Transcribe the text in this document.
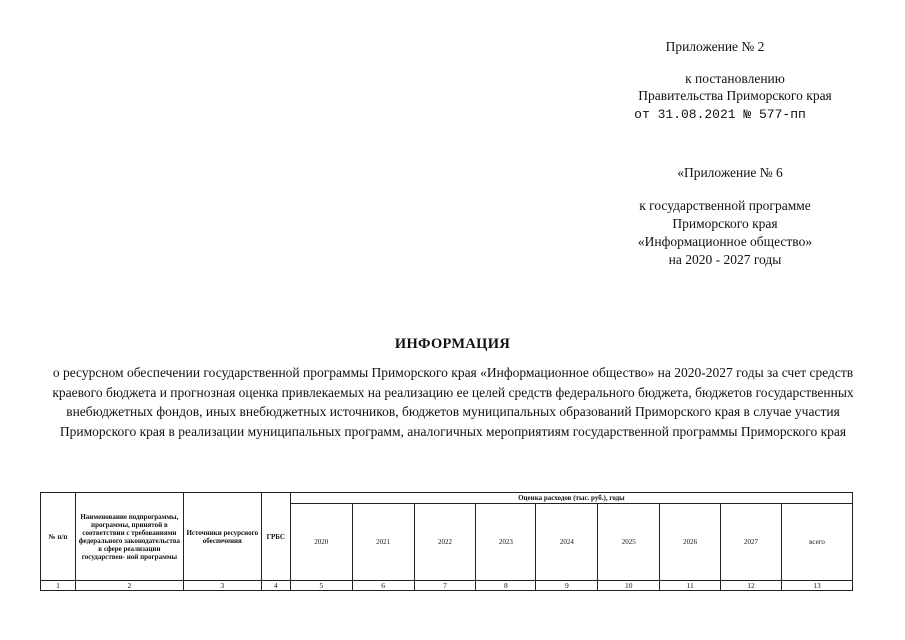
Приложение № 2
к постановлению
Правительства Приморского края
от 31.08.2021 № 577-пп
«Приложение № 6
к государственной программе
Приморского края
«Информационное общество»
на 2020 - 2027 годы
ИНФОРМАЦИЯ
о ресурсном обеспечении государственной программы Приморского края «Информационное общество» на 2020-2027 годы за счет средств краевого бюджета и прогнозная оценка привлекаемых на реализацию ее целей средств федерального бюджета, бюджетов государственных внебюджетных фондов, иных внебюджетных источников, бюджетов муниципальных образований Приморского края в случае участия Приморского края в реализации муниципальных программ, аналогичных мероприятиям государственной программы Приморского края
№ п/п	Наименование подпрограммы, программы, принятой в соответствии с требованиями федерального законодательства в сфере реализации государствен- ной программы	Источники ресурсного обеспечения	ГРБС	Оценка расходов (тыс. руб.), годы								
				2020	2021	2022	2023	2024	2025	2026	2027	всего
1	2	3	4	5	6	7	8	9	10	11	12	13
